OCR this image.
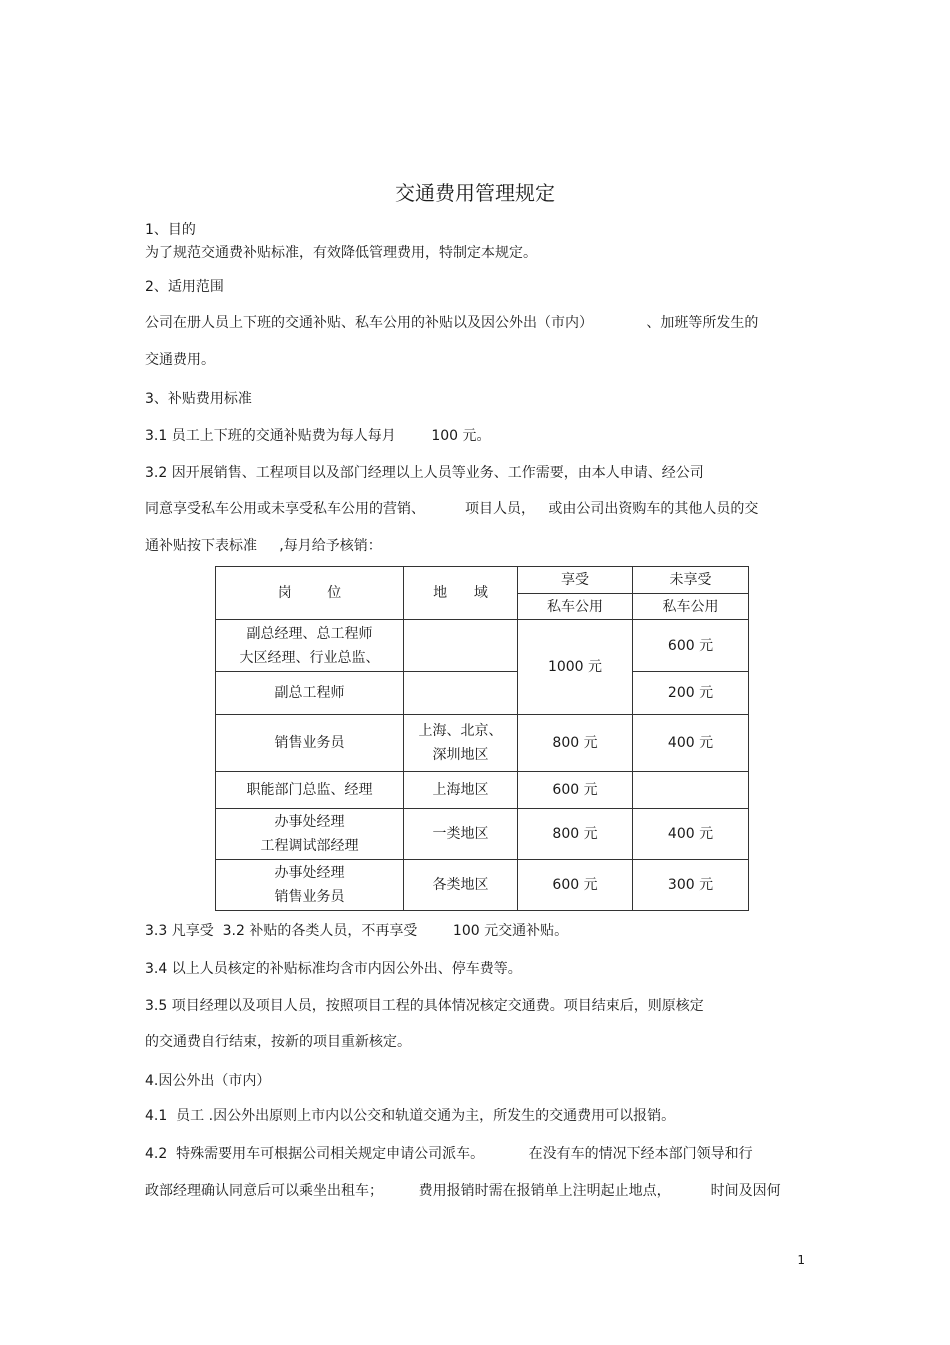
交通费用管理规定
1、目的
为了规范交通费补贴标准，有效降低管理费用，特制定本规定。
2、适用范围
公司在册人员上下班的交通补贴、私车公用的补贴以及因公外出（市内）            、加班等所发生的
交通费用。
3、补贴费用标准
3.1 员工上下班的交通补贴费为每人每月        100 元。
3.2 因开展销售、工程项目以及部门经理以上人员等业务、工作需要，由本人申请、经公司
同意享受私车公用或未享受私车公用的营销、         项目人员，   或由公司出资购车的其他人员的交
通补贴按下表标准     ,每月给予核销：
岗        位	地      域	享受	未享受
		私车公用	私车公用
副总经理、总工程师
大区经理、行业总监、		1000 元	600 元
副总工程师			200 元
销售业务员	上海、北京、
深圳地区	800 元	400 元
职能部门总监、经理	上海地区	600 元	
办事处经理
工程调试部经理	一类地区	800 元	400 元
办事处经理
销售业务员	各类地区	600 元	300 元
3.3 凡享受  3.2 补贴的各类人员，不再享受        100 元交通补贴。
3.4 以上人员核定的补贴标准均含市内因公外出、停车费等。
3.5 项目经理以及项目人员，按照项目工程的具体情况核定交通费。项目结束后，则原核定
的交通费自行结束，按新的项目重新核定。
4.因公外出（市内）
4.1  员工 .因公外出原则上市内以公交和轨道交通为主，所发生的交通费用可以报销。
4.2  特殊需要用车可根据公司相关规定申请公司派车。          在没有车的情况下经本部门领导和行
政部经理确认同意后可以乘坐出租车；        费用报销时需在报销单上注明起止地点，         时间及因何
1
